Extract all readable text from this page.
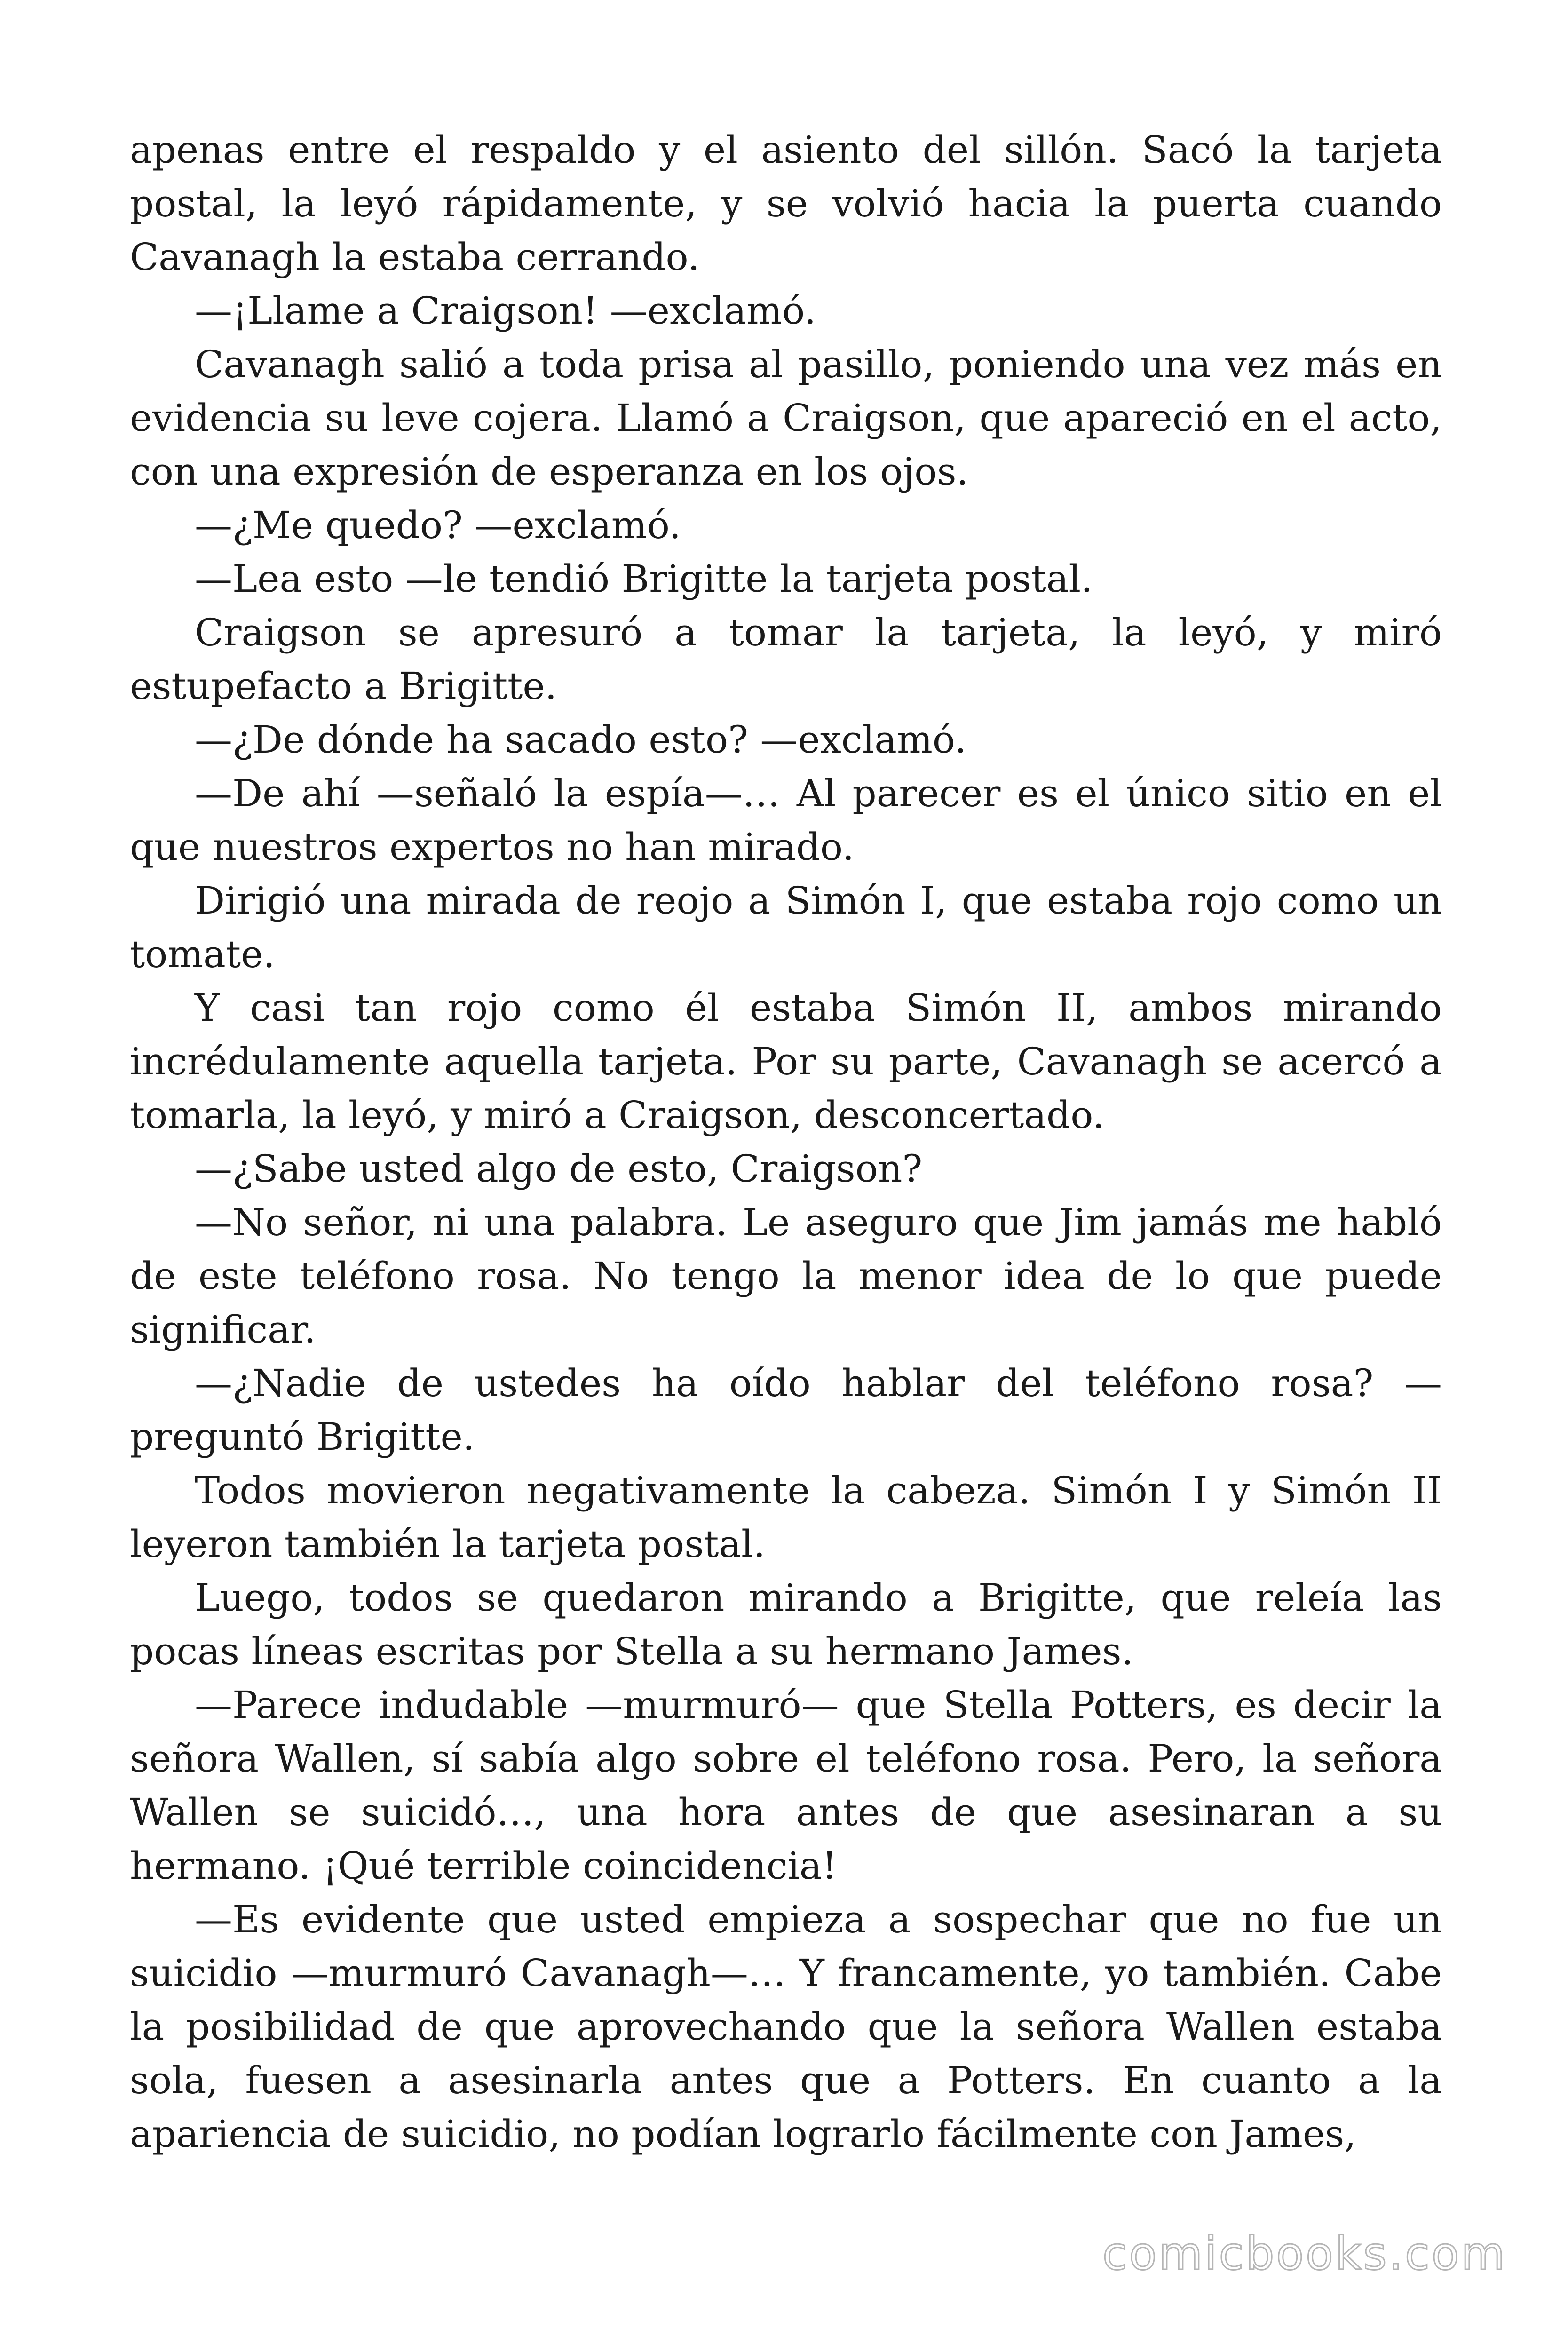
apenas entre el respaldo y el asiento del sillón. Sacó la tarjeta postal, la leyó rápidamente, y se volvió hacia la puerta cuando Cavanagh la estaba cerrando.

—¡Llame a Craigson! —exclamó.

Cavanagh salió a toda prisa al pasillo, poniendo una vez más en evidencia su leve cojera. Llamó a Craigson, que apareció en el acto, con una expresión de esperanza en los ojos.

—¿Me quedo? —exclamó.

—Lea esto —le tendió Brigitte la tarjeta postal.

Craigson se apresuró a tomar la tarjeta, la leyó, y miró estupefacto a Brigitte.

—¿De dónde ha sacado esto? —exclamó.

—De ahí —señaló la espía—… Al parecer es el único sitio en el que nuestros expertos no han mirado.

Dirigió una mirada de reojo a Simón I, que estaba rojo como un tomate.

Y casi tan rojo como él estaba Simón II, ambos mirando incrédulamente aquella tarjeta. Por su parte, Cavanagh se acercó a tomarla, la leyó, y miró a Craigson, desconcertado.

—¿Sabe usted algo de esto, Craigson?

—No señor, ni una palabra. Le aseguro que Jim jamás me habló de este teléfono rosa. No tengo la menor idea de lo que puede significar.

—¿Nadie de ustedes ha oído hablar del teléfono rosa? —preguntó Brigitte.

Todos movieron negativamente la cabeza. Simón I y Simón II leyeron también la tarjeta postal.

Luego, todos se quedaron mirando a Brigitte, que releía las pocas líneas escritas por Stella a su hermano James.

—Parece indudable —murmuró— que Stella Potters, es decir la señora Wallen, sí sabía algo sobre el teléfono rosa. Pero, la señora Wallen se suicidó…, una hora antes de que asesinaran a su hermano. ¡Qué terrible coincidencia!

—Es evidente que usted empieza a sospechar que no fue un suicidio —murmuró Cavanagh—… Y francamente, yo también. Cabe la posibilidad de que aprovechando que la señora Wallen estaba sola, fuesen a asesinarla antes que a Potters. En cuanto a la apariencia de suicidio, no podían lograrlo fácilmente con James,

comicbooks.com
